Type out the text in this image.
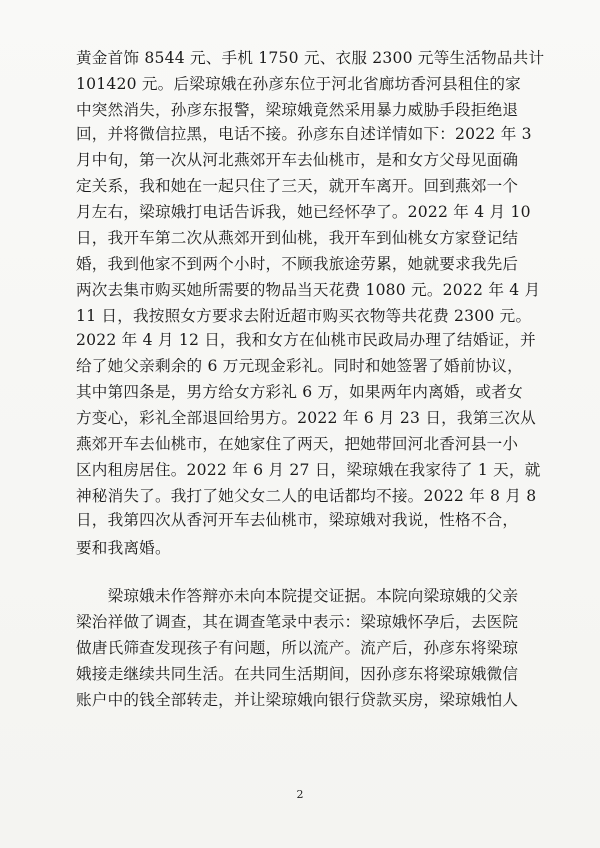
黄金首饰 8544 元、手机 1750 元、衣服 2300 元等生活物品共计
101420 元。后梁琼娥在孙彦东位于河北省廊坊香河县租住的家
中突然消失，孙彦东报警，梁琼娥竟然采用暴力威胁手段拒绝退
回，并将微信拉黑，电话不接。孙彦东自述详情如下：2022 年 3
月中旬，第一次从河北燕郊开车去仙桃市，是和女方父母见面确
定关系，我和她在一起只住了三天，就开车离开。回到燕郊一个
月左右，梁琼娥打电话告诉我，她已经怀孕了。2022 年 4 月 10
日，我开车第二次从燕郊开到仙桃，我开车到仙桃女方家登记结
婚，我到他家不到两个小时，不顾我旅途劳累，她就要求我先后
两次去集市购买她所需要的物品当天花费 1080 元。2022 年 4 月
11 日，我按照女方要求去附近超市购买衣物等共花费 2300 元。
2022 年 4 月 12 日，我和女方在仙桃市民政局办理了结婚证，并
给了她父亲剩余的 6 万元现金彩礼。同时和她签署了婚前协议，
其中第四条是，男方给女方彩礼 6 万，如果两年内离婚，或者女
方变心，彩礼全部退回给男方。2022 年 6 月 23 日，我第三次从
燕郊开车去仙桃市，在她家住了两天，把她带回河北香河县一小
区内租房居住。2022 年 6 月 27 日，梁琼娥在我家待了 1 天，就
神秘消失了。我打了她父女二人的电话都均不接。2022 年 8 月 8
日，我第四次从香河开车去仙桃市，梁琼娥对我说，性格不合，
要和我离婚。
　　梁琼娥未作答辩亦未向本院提交证据。本院向梁琼娥的父亲
梁治祥做了调查，其在调查笔录中表示：梁琼娥怀孕后，去医院
做唐氏筛查发现孩子有问题，所以流产。流产后，孙彦东将梁琼
娥接走继续共同生活。在共同生活期间，因孙彦东将梁琼娥微信
账户中的钱全部转走，并让梁琼娥向银行贷款买房，梁琼娥怕人
2
